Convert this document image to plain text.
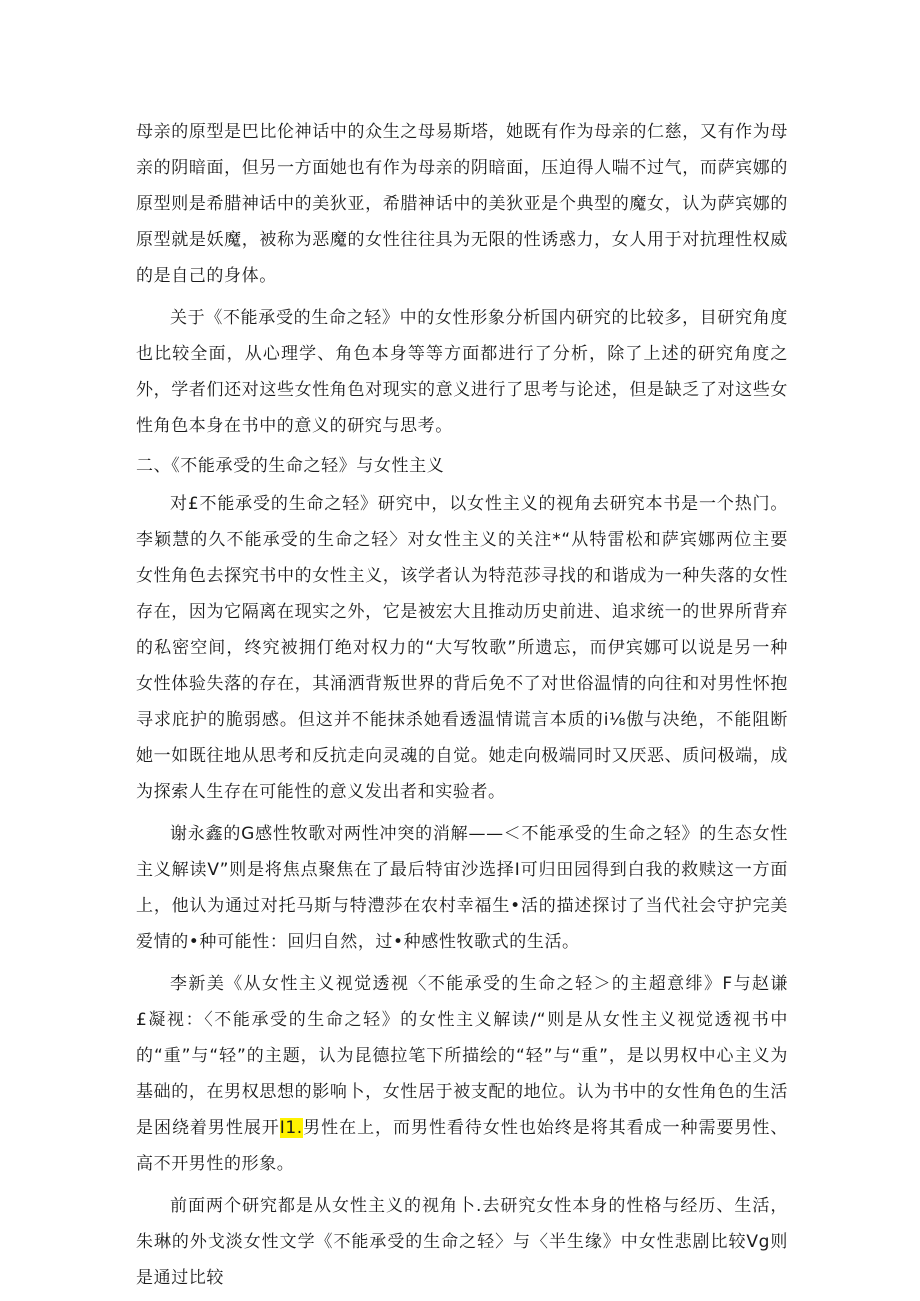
母亲的原型是巴比伦神话中的众生之母易斯塔，她既有作为母亲的仁慈，又有作为母亲的阴暗面，但另一方面她也有作为母亲的阴暗面，压迫得人喘不过气，而萨宾娜的原型则是希腊神话中的美狄亚，希腊神话中的美狄亚是个典型的魔女，认为萨宾娜的原型就是妖魔，被称为恶魔的女性往往具为无限的性诱惑力，女人用于对抗理性权威的是自己的身体。

关于《不能承受的生命之轻》中的女性形象分析国内研究的比较多，目研究角度也比较全面，从心理学、角色本身等等方面都进行了分析，除了上述的研究角度之外，学者们还对这些女性角色对现实的意义进行了思考与论述，但是缺乏了对这些女性角色本身在书中的意义的研究与思考。

二、《不能承受的生命之轻》与女性主义

对£不能承受的生命之轻》研究中，以女性主义的视角去研究本书是一个热门。李颖慧的久不能承受的生命之轻〉对女性主义的关注*“从特雷松和萨宾娜两位主要女性角色去探究书中的女性主义，该学者认为特范莎寻找的和谐成为一种失落的女性存在，因为它隔离在现实之外，它是被宏大且推动历史前进、追求统一的世界所背弃的私密空间，终究被拥仃绝对权力的“大写牧歌”所遗忘，而伊宾娜可以说是另一种女性体验失落的存在，其涌洒背叛世界的背后免不了对世俗温情的向往和对男性怀抱寻求庇护的脆弱感。但这并不能抹杀她看透温情谎言本质的i⅛傲与决绝，不能阻断她一如既往地从思考和反抗走向灵魂的自觉。她走向极端同时又厌恶、质问极端，成为探索人生存在可能性的意义发出者和实验者。

谢永鑫的G感性牧歌对两性冲突的消解——＜不能承受的生命之轻》的生态女性主义解读V”则是将焦点聚焦在了最后特宙沙选择I可归田园得到白我的救赎这一方面上，他认为通过对托马斯与特澧莎在农村幸福生•活的描述探讨了当代社会守护完美爱情的•种可能性：回归自然，过•种感性牧歌式的生活。

李新美《从女性主义视觉透视〈不能承受的生命之轻＞的主超意绯》F与赵谦£凝视：〈不能承受的生命之轻》的女性主义解读/“则是从女性主义视觉透视书中的“重”与“轻”的主题，认为昆德拉笔下所描绘的“轻”与“重”，是以男权中心主义为基础的，在男权思想的影响卜，女性居于被支配的地位。认为书中的女性角色的生活是困绕着男性展开I1.男性在上，而男性看待女性也始终是将其看成一种需要男性、高不开男性的形象。

前面两个研究都是从女性主义的视角卜.去研究女性本身的性格与经历、生活，朱琳的外戈淡女性文学《不能承受的生命之轻〉与〈半生缘》中女性悲剧比较Vg则是通过比较
